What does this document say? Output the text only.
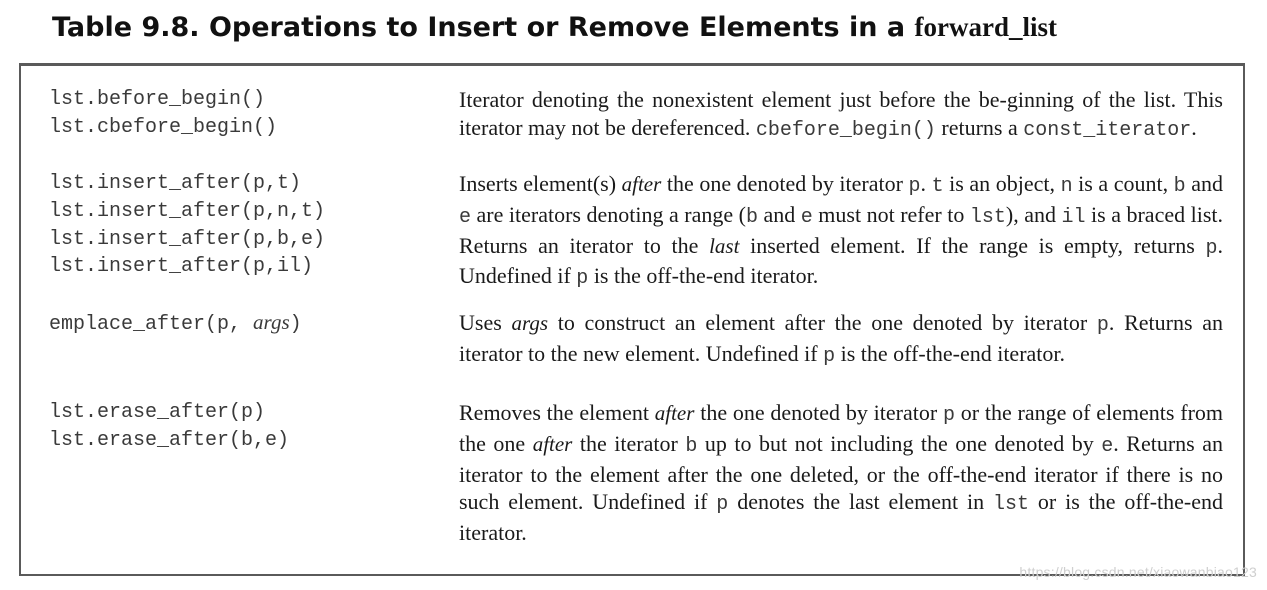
Table 9.8. Operations to Insert or Remove Elements in a forward_list
lst.before_begin()
lst.cbefore_begin()
Iterator denoting the nonexistent element just before the be-ginning of the list. This iterator may not be dereferenced. cbefore_begin() returns a const_iterator.
lst.insert_after(p,t)
lst.insert_after(p,n,t)
lst.insert_after(p,b,e)
lst.insert_after(p,il)
Inserts element(s) after the one denoted by iterator p. t is an object, n is a count, b and e are iterators denoting a range (b and e must not refer to lst), and il is a braced list. Returns an iterator to the last inserted element. If the range is empty, returns p. Undefined if p is the off-the-end iterator.
emplace_after(p, args)	Uses args to construct an element after the one denoted by iterator p. Returns an iterator to the new element. Undefined if p is the off-the-end iterator.
lst.erase_after(p)
lst.erase_after(b,e)
Removes the element after the one denoted by iterator p or the range of elements from the one after the iterator b up to but not including the one denoted by e. Returns an iterator to the element after the one deleted, or the off-the-end iterator if there is no such element. Undefined if p denotes the last element in lst or is the off-the-end iterator.
https://blog.csdn.net/xiaowanbiao123
